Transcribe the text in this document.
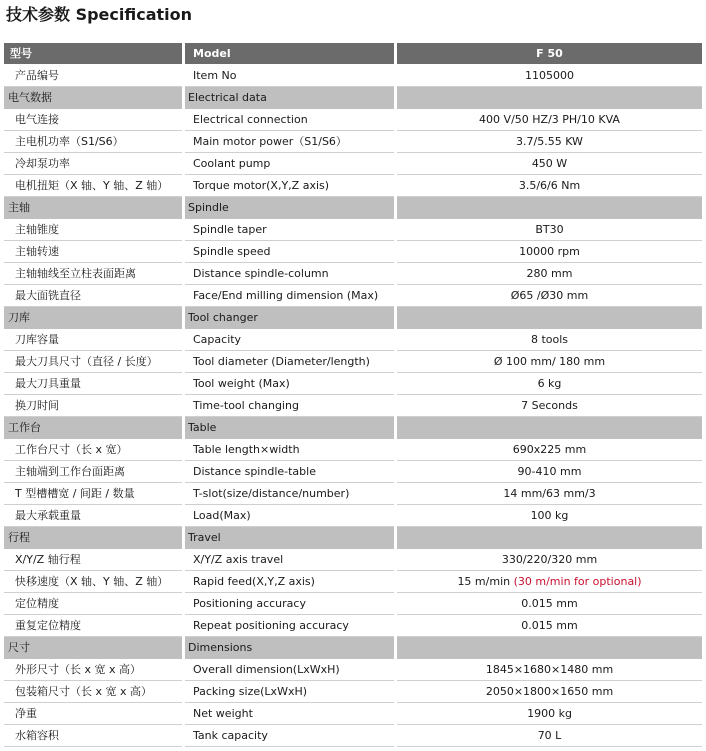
技术参数 Specification
型号	Model	F 50
产品编号	Item No	1105000
电气数据	Electrical data
电气连接	Electrical connection	400 V/50 HZ/3 PH/10 KVA
主电机功率（S1/S6）	Main motor power（S1/S6）	3.7/5.55 KW
冷却泵功率	Coolant pump	450 W
电机扭矩（X 轴、Y 轴、Z 轴）	Torque motor(X,Y,Z axis)	3.5/6/6 Nm
主轴	Spindle
主轴锥度	Spindle taper	BT30
主轴转速	Spindle speed	10000 rpm
主轴轴线至立柱表面距离	Distance spindle-column	280 mm
最大面铣直径	Face/End milling dimension (Max)	Ø65 /Ø30 mm
刀库	Tool changer
刀库容量	Capacity	8 tools
最大刀具尺寸（直径 / 长度）	Tool diameter (Diameter/length)	Ø 100 mm/ 180 mm
最大刀具重量	Tool weight (Max)	6 kg
换刀时间	Time-tool changing	7 Seconds
工作台	Table
工作台尺寸（长 x 宽）	Table length×width	690x225 mm
主轴端到工作台面距离	Distance spindle-table	90-410 mm
T 型槽槽宽 / 间距 / 数量	T-slot(size/distance/number)	14 mm/63 mm/3
最大承载重量	Load(Max)	100 kg
行程	Travel
X/Y/Z 轴行程	X/Y/Z axis travel	330/220/320 mm
快移速度（X 轴、Y 轴、Z 轴）	Rapid feed(X,Y,Z axis)	15 m/min (30 m/min for optional)
定位精度	Positioning accuracy	0.015 mm
重复定位精度	Repeat positioning accuracy	0.015 mm
尺寸	Dimensions
外形尺寸（长 x 宽 x 高）	Overall dimension(LxWxH)	1845×1680×1480 mm
包装箱尺寸（长 x 宽 x 高）	Packing size(LxWxH)	2050×1800×1650 mm
净重	Net weight	1900 kg
水箱容积	Tank capacity	70 L
